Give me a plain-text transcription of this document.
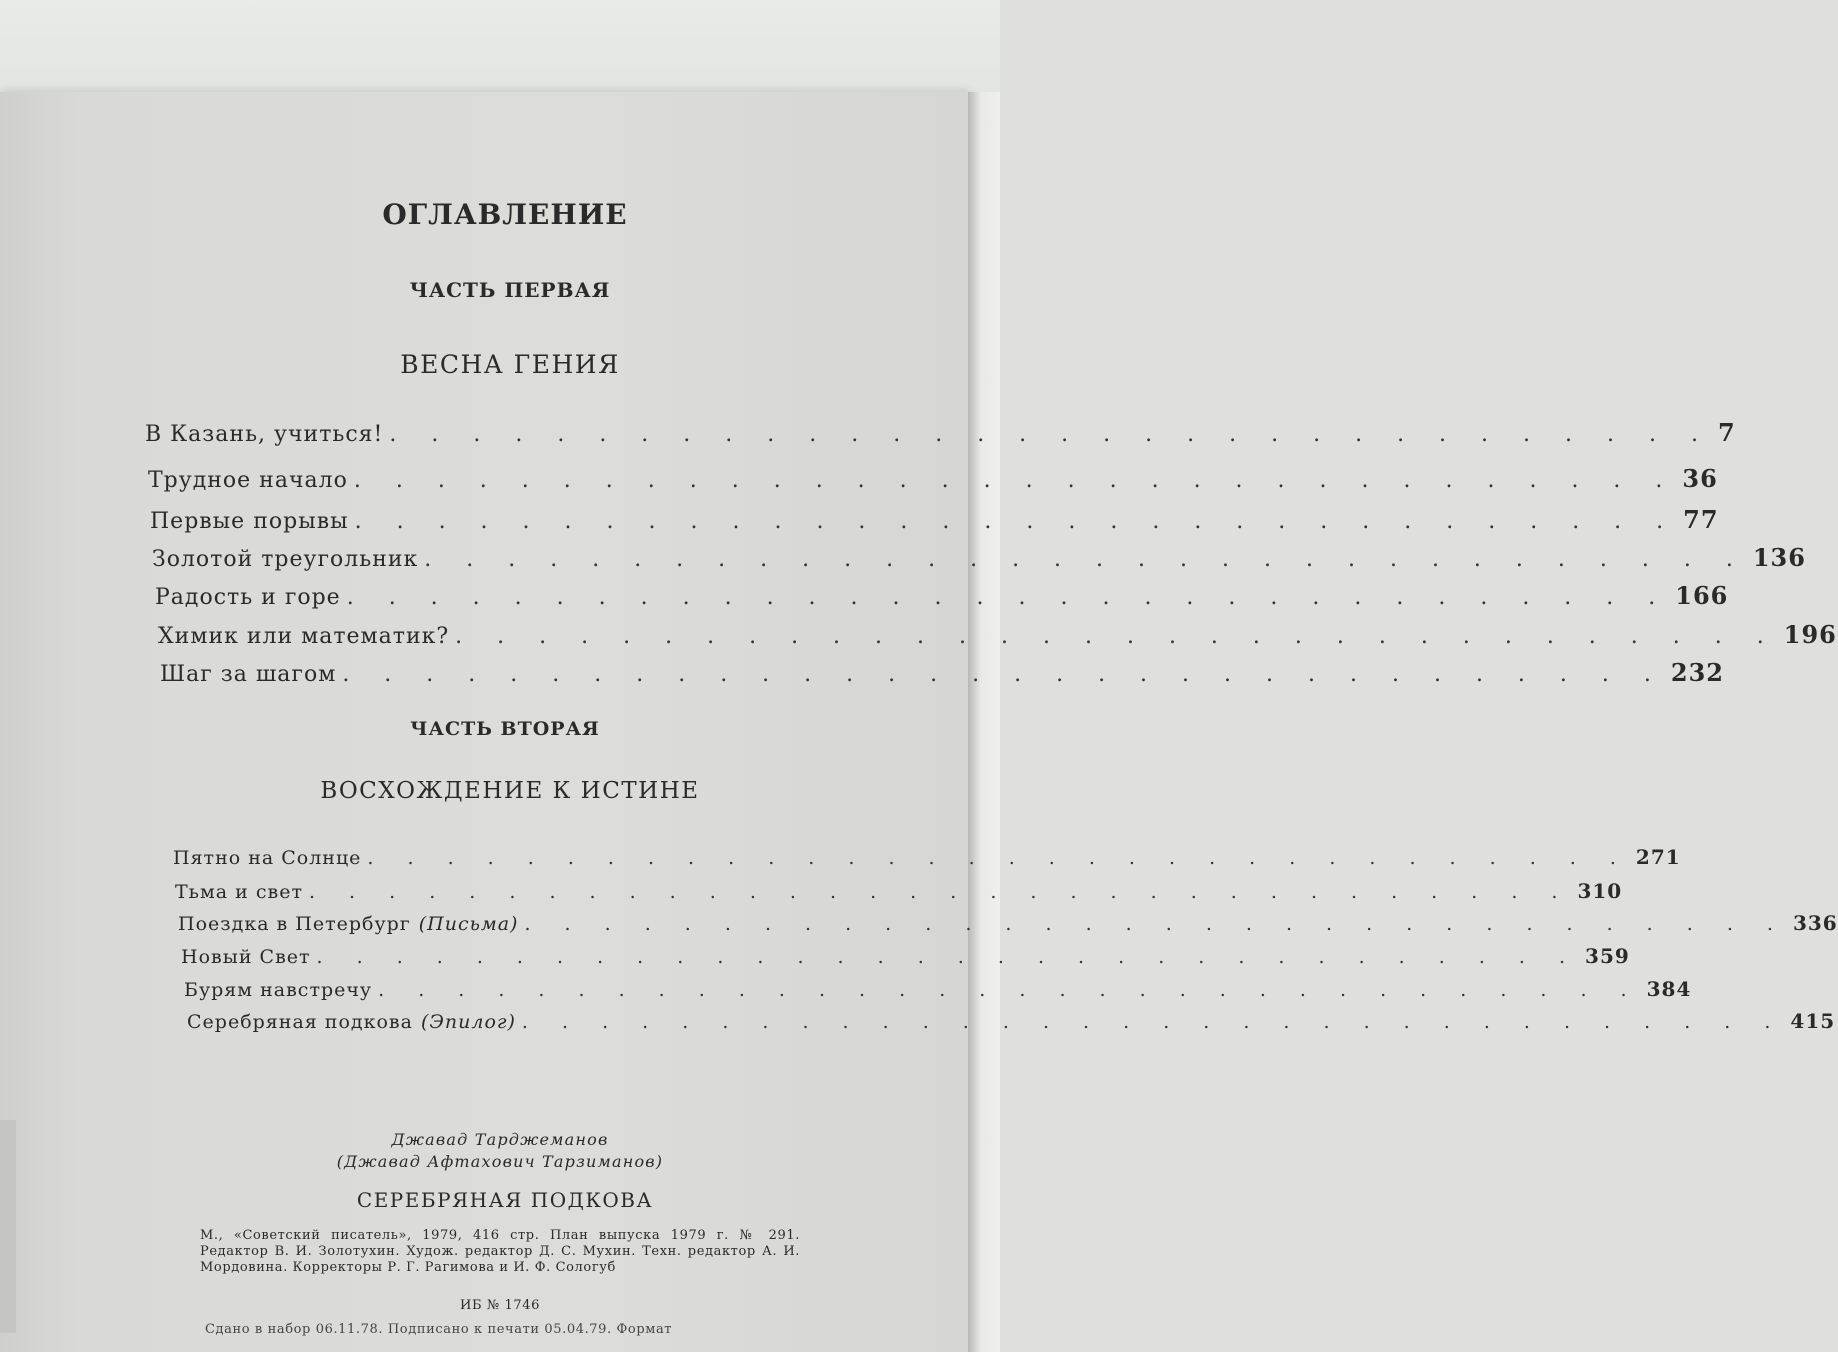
ОГЛАВЛЕНИЕ
ЧАСТЬ ПЕРВАЯ
ВЕСНА ГЕНИЯ
В Казань, учиться! . . . . . . . . . . . . . . . . . . . . . . . . . . . . . . . . 7
Трудное начало . . . . . . . . . . . . . . . . . . . . . . . . . . . . . . . . 36
Первые порывы . . . . . . . . . . . . . . . . . . . . . . . . . . . . . . . . 77
Золотой треугольник . . . . . . . . . . . . . . . . . . . . . . . . . . . . . . . . 136
Радость и горе . . . . . . . . . . . . . . . . . . . . . . . . . . . . . . . . 166
Химик или математик? . . . . . . . . . . . . . . . . . . . . . . . . . . . . . . . . 196
Шаг за шагом . . . . . . . . . . . . . . . . . . . . . . . . . . . . . . . . 232
ЧАСТЬ ВТОРАЯ
ВОСХОЖДЕНИЕ К ИСТИНЕ
Пятно на Солнце . . . . . . . . . . . . . . . . . . . . . . . . . . . . . . . . 271
Тьма и свет . . . . . . . . . . . . . . . . . . . . . . . . . . . . . . . . 310
Поездка в Петербург (Письма) . . . . . . . . . . . . . . . . . . . . . . . . . . . . . . . . 336
Новый Свет . . . . . . . . . . . . . . . . . . . . . . . . . . . . . . . . 359
Бурям навстречу . . . . . . . . . . . . . . . . . . . . . . . . . . . . . . . . 384
Серебряная подкова (Эпилог) . . . . . . . . . . . . . . . . . . . . . . . . . . . . . . . . 415
Джавад Тарджеманов
(Джавад Афтахович Тарзиманов)
СЕРЕБРЯНАЯ ПОДКОВА
М., «Советский писатель», 1979, 416 стр. План выпуска 1979 г. № 291. Редактор В. И. Золотухин. Худож. редактор Д. С. Мухин. Техн. редактор А. И. Мордовина. Корректоры Р. Г. Рагимова и И. Ф. Сологуб
ИБ № 1746
Сдано в набор 06.11.78. Подписано к печати 05.04.79. Формат
